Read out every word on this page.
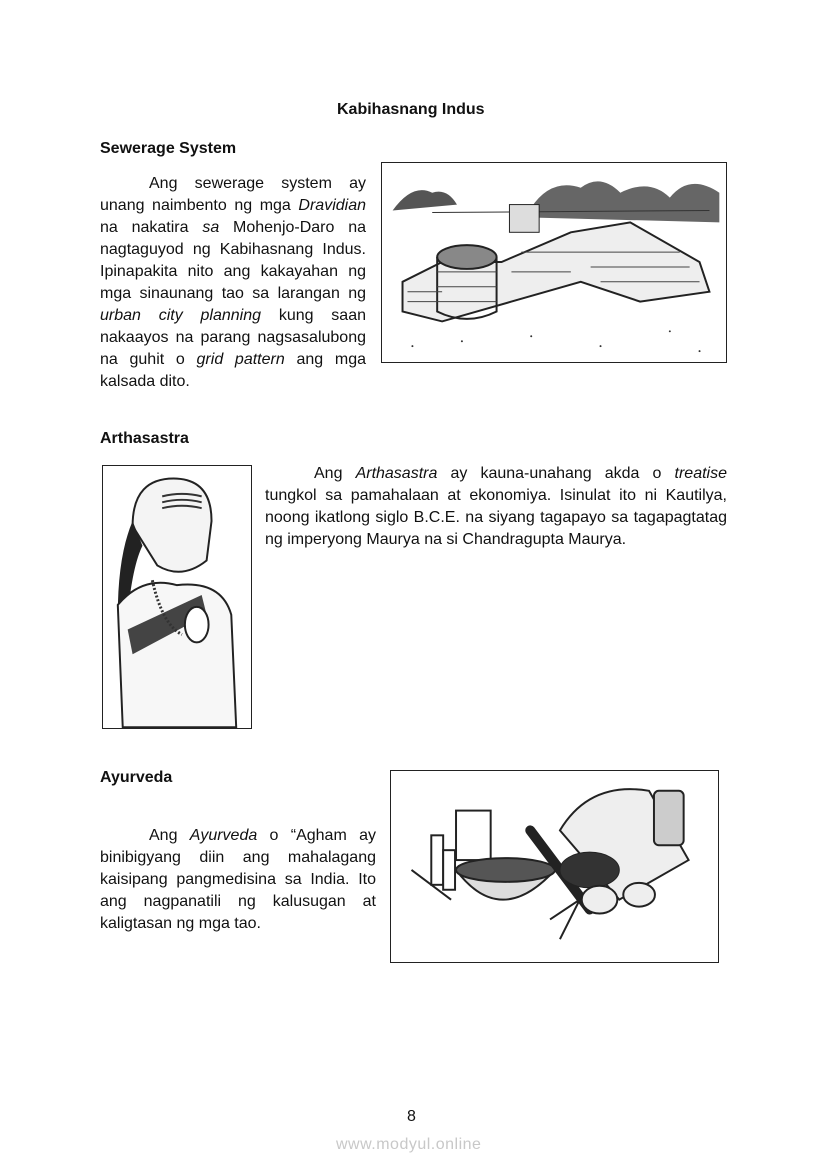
Kabihasnang Indus
Sewerage System

Ang sewerage system ay unang naimbento ng mga Dravidian na nakatira sa Mohenjo-Daro na nagtaguyod ng Kabihasnang Indus. Ipinapakita nito ang kakayahan ng mga sinaunang tao sa larangan ng urban city planning kung saan nakaayos na parang nagsasalubong na guhit o grid pattern ang mga kalsada dito.

Arthasastra

Ang Arthasastra ay kauna-unahang akda o treatise tungkol sa pamahalaan at ekonomiya. Isinulat ito ni Kautilya, noong ikatlong siglo B.C.E. na siyang tagapayo sa tagapagtatag ng imperyong Maurya na si Chandragupta Maurya.

Ayurveda

Ang Ayurveda o “Agham ay binibigyang diin ang mahalagang kaisipang pangmedisina sa India. Ito ang nagpanatili ng kalusugan at kaligtasan ng mga tao.

8
www.modyul.online
